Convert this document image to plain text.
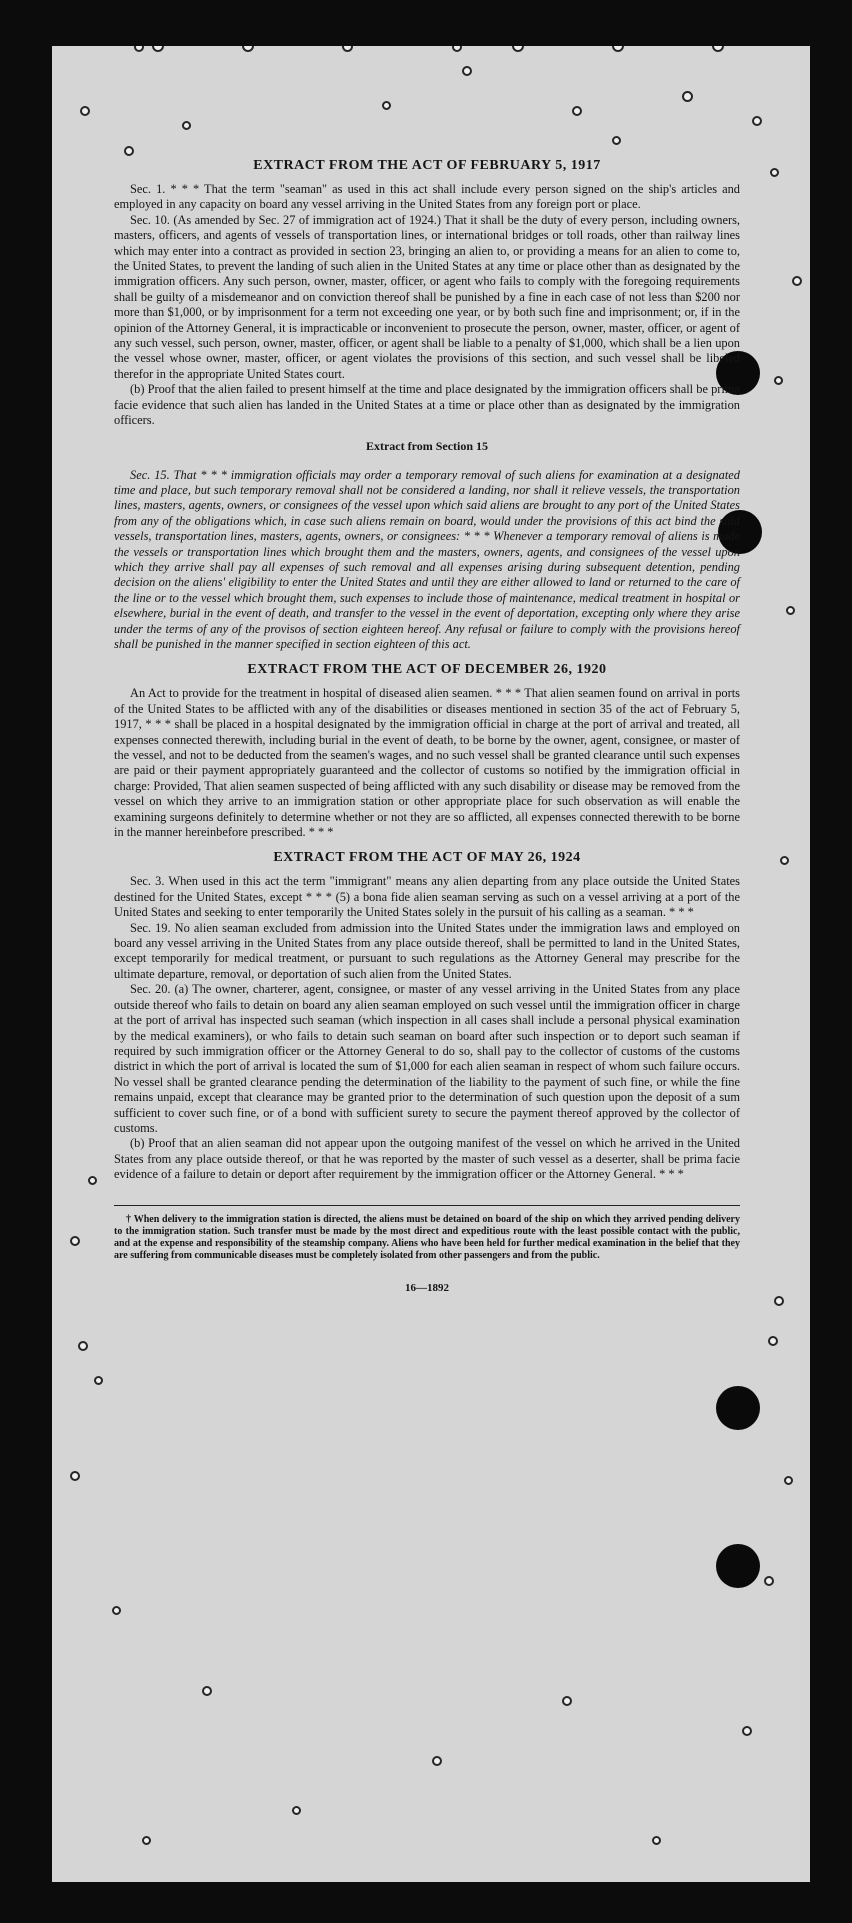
EXTRACT FROM THE ACT OF FEBRUARY 5, 1917

Sec. 1. * * * That the term "seaman" as used in this act shall include every person signed on the ship's articles and employed in any capacity on board any vessel arriving in the United States from any foreign port or place.

Sec. 10. (As amended by Sec. 27 of immigration act of 1924.) That it shall be the duty of every person, including owners, masters, officers, and agents of vessels of transportation lines, or international bridges or toll roads, other than railway lines which may enter into a contract as provided in section 23, bringing an alien to, or providing a means for an alien to come to, the United States, to prevent the landing of such alien in the United States at any time or place other than as designated by the immigration officers. Any such person, owner, master, officer, or agent who fails to comply with the foregoing requirements shall be guilty of a misdemeanor and on conviction thereof shall be punished by a fine in each case of not less than $200 nor more than $1,000, or by imprisonment for a term not exceeding one year, or by both such fine and imprisonment; or, if in the opinion of the Attorney General, it is impracticable or inconvenient to prosecute the person, owner, master, officer, or agent of any such vessel, such person, owner, master, officer, or agent shall be liable to a penalty of $1,000, which shall be a lien upon the vessel whose owner, master, officer, or agent violates the provisions of this section, and such vessel shall be libeled therefor in the appropriate United States court.

(b) Proof that the alien failed to present himself at the time and place designated by the immigration officers shall be prima facie evidence that such alien has landed in the United States at a time or place other than as designated by the immigration officers.

Extract from Section 15

Sec. 15. That * * * immigration officials may order a temporary removal of such aliens for examination at a designated time and place, but such temporary removal shall not be considered a landing, nor shall it relieve vessels, the transportation lines, masters, agents, owners, or consignees of the vessel upon which said aliens are brought to any port of the United States from any of the obligations which, in case such aliens remain on board, would under the provisions of this act bind the said vessels, transportation lines, masters, agents, owners, or consignees: * * * Whenever a temporary removal of aliens is made the vessels or transportation lines which brought them and the masters, owners, agents, and consignees of the vessel upon which they arrive shall pay all expenses of such removal and all expenses arising during subsequent detention, pending decision on the aliens' eligibility to enter the United States and until they are either allowed to land or returned to the care of the line or to the vessel which brought them, such expenses to include those of maintenance, medical treatment in hospital or elsewhere, burial in the event of death, and transfer to the vessel in the event of deportation, excepting only where they arise under the terms of any of the provisos of section eighteen hereof. Any refusal or failure to comply with the provisions hereof shall be punished in the manner specified in section eighteen of this act.

EXTRACT FROM THE ACT OF DECEMBER 26, 1920

An Act to provide for the treatment in hospital of diseased alien seamen. * * * That alien seamen found on arrival in ports of the United States to be afflicted with any of the disabilities or diseases mentioned in section 35 of the act of February 5, 1917, * * * shall be placed in a hospital designated by the immigration official in charge at the port of arrival and treated, all expenses connected therewith, including burial in the event of death, to be borne by the owner, agent, consignee, or master of the vessel, and not to be deducted from the seamen's wages, and no such vessel shall be granted clearance until such expenses are paid or their payment appropriately guaranteed and the collector of customs so notified by the immigration official in charge: Provided, That alien seamen suspected of being afflicted with any such disability or disease may be removed from the vessel on which they arrive to an immigration station or other appropriate place for such observation as will enable the examining surgeons definitely to determine whether or not they are so afflicted, all expenses connected therewith to be borne in the manner hereinbefore prescribed. * * *

EXTRACT FROM THE ACT OF MAY 26, 1924

Sec. 3. When used in this act the term "immigrant" means any alien departing from any place outside the United States destined for the United States, except * * * (5) a bona fide alien seaman serving as such on a vessel arriving at a port of the United States and seeking to enter temporarily the United States solely in the pursuit of his calling as a seaman. * * *

Sec. 19. No alien seaman excluded from admission into the United States under the immigration laws and employed on board any vessel arriving in the United States from any place outside thereof, shall be permitted to land in the United States, except temporarily for medical treatment, or pursuant to such regulations as the Attorney General may prescribe for the ultimate departure, removal, or deportation of such alien from the United States.

Sec. 20. (a) The owner, charterer, agent, consignee, or master of any vessel arriving in the United States from any place outside thereof who fails to detain on board any alien seaman employed on such vessel until the immigration officer in charge at the port of arrival has inspected such seaman (which inspection in all cases shall include a personal physical examination by the medical examiners), or who fails to detain such seaman on board after such inspection or to deport such seaman if required by such immigration officer or the Attorney General to do so, shall pay to the collector of customs of the customs district in which the port of arrival is located the sum of $1,000 for each alien seaman in respect of whom such failure occurs. No vessel shall be granted clearance pending the determination of the liability to the payment of such fine, or while the fine remains unpaid, except that clearance may be granted prior to the determination of such question upon the deposit of a sum sufficient to cover such fine, or of a bond with sufficient surety to secure the payment thereof approved by the collector of customs.

(b) Proof that an alien seaman did not appear upon the outgoing manifest of the vessel on which he arrived in the United States from any place outside thereof, or that he was reported by the master of such vessel as a deserter, shall be prima facie evidence of a failure to detain or deport after requirement by the immigration officer or the Attorney General. * * *

† When delivery to the immigration station is directed, the aliens must be detained on board of the ship on which they arrived pending delivery to the immigration station. Such transfer must be made by the most direct and expeditious route with the least possible contact with the public, and at the expense and responsibility of the steamship company. Aliens who have been held for further medical examination in the belief that they are suffering from communicable diseases must be completely isolated from other passengers and from the public.

16—1892
